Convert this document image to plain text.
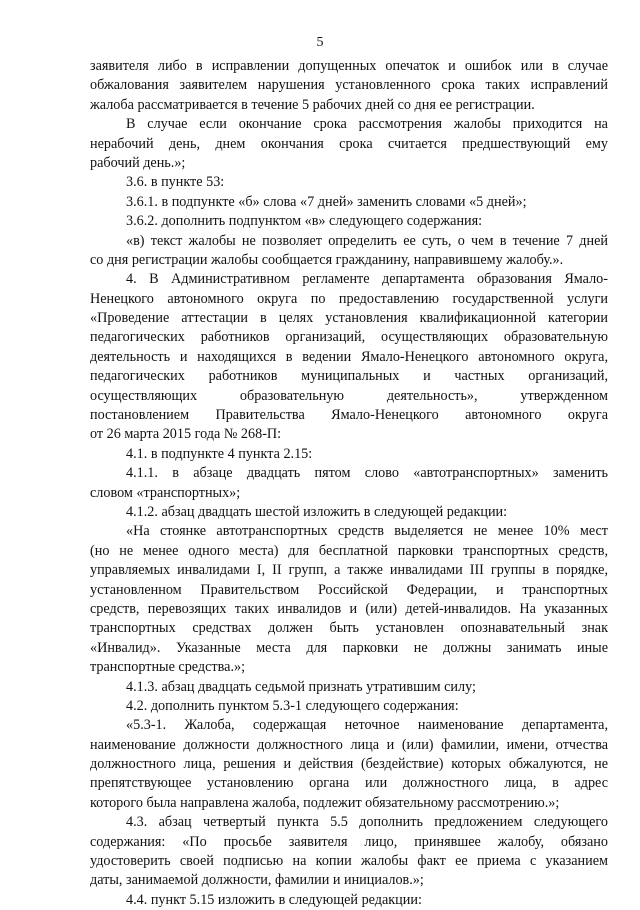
5
заявителя либо в исправлении допущенных опечаток и ошибок или в случае
обжалования заявителем нарушения установленного срока таких исправлений
жалоба рассматривается в течение 5 рабочих дней со дня ее регистрации.
В случае если окончание срока рассмотрения жалобы приходится на
нерабочий день, днем окончания срока считается предшествующий ему
рабочий день.»;
3.6. в пункте 53:
3.6.1. в подпункте «б» слова «7 дней» заменить словами «5 дней»;
3.6.2. дополнить подпунктом «в» следующего содержания:
«в) текст жалобы не позволяет определить ее суть, о чем в течение 7 дней
со дня регистрации жалобы сообщается гражданину, направившему жалобу.».
4. В Административном регламенте департамента образования Ямало-
Ненецкого автономного округа по предоставлению государственной услуги
«Проведение аттестации в целях установления квалификационной категории
педагогических работников организаций, осуществляющих образовательную
деятельность и находящихся в ведении Ямало-Ненецкого автономного округа,
педагогических работников муниципальных и частных организаций,
осуществляющих образовательную деятельность», утвержденном
постановлением Правительства Ямало-Ненецкого автономного округа
от 26 марта 2015 года № 268-П:
4.1. в подпункте 4 пункта 2.15:
4.1.1. в абзаце двадцать пятом слово «автотранспортных» заменить
словом «транспортных»;
4.1.2. абзац двадцать шестой изложить в следующей редакции:
«На стоянке автотранспортных средств выделяется не менее 10% мест
(но не менее одного места) для бесплатной парковки транспортных средств,
управляемых инвалидами I, II групп, а также инвалидами III группы в порядке,
установленном Правительством Российской Федерации, и транспортных
средств, перевозящих таких инвалидов и (или) детей-инвалидов. На указанных
транспортных средствах должен быть установлен опознавательный знак
«Инвалид». Указанные места для парковки не должны занимать иные
транспортные средства.»;
4.1.3. абзац двадцать седьмой признать утратившим силу;
4.2. дополнить пунктом 5.3-1 следующего содержания:
«5.3-1. Жалоба, содержащая неточное наименование департамента,
наименование должности должностного лица и (или) фамилии, имени, отчества
должностного лица, решения и действия (бездействие) которых обжалуются, не
препятствующее установлению органа или должностного лица, в адрес
которого была направлена жалоба, подлежит обязательному рассмотрению.»;
4.3. абзац четвертый пункта 5.5 дополнить предложением следующего
содержания: «По просьбе заявителя лицо, принявшее жалобу, обязано
удостоверить своей подписью на копии жалобы факт ее приема с указанием
даты, занимаемой должности, фамилии и инициалов.»;
4.4. пункт 5.15 изложить в следующей редакции:
